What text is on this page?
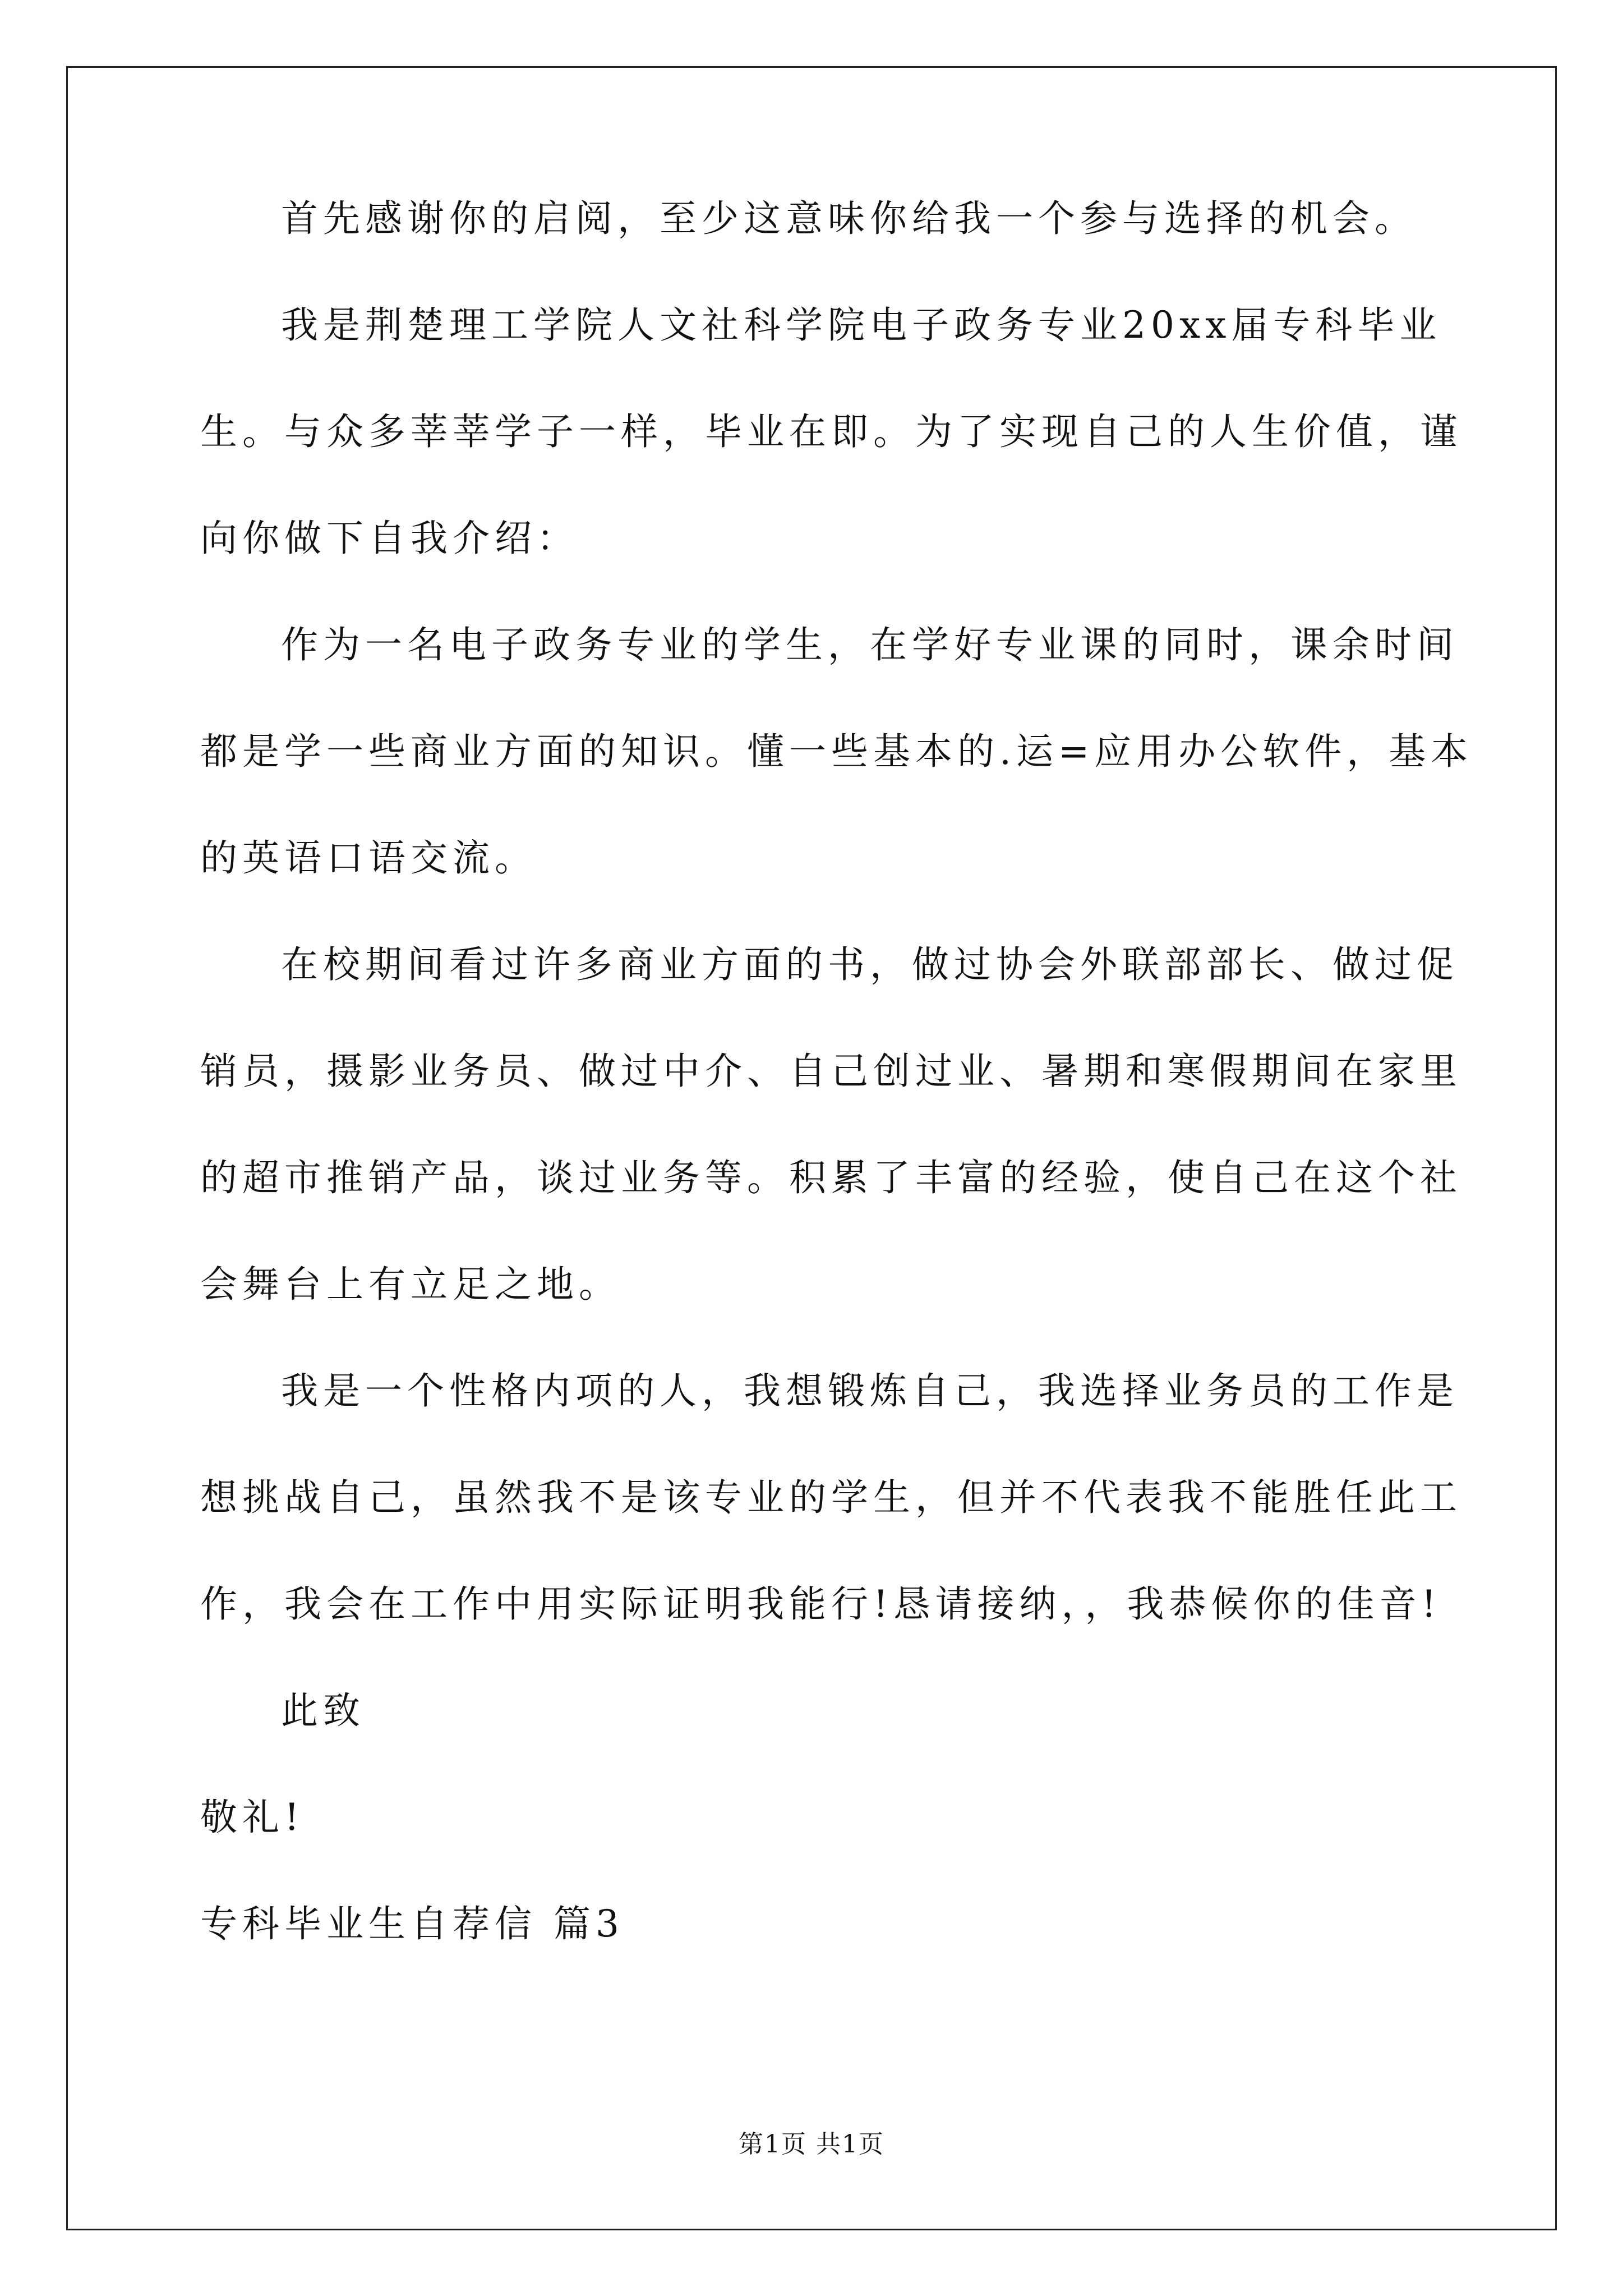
首先感谢你的启阅，至少这意味你给我一个参与选择的机会。
我是荆楚理工学院人文社科学院电子政务专业20xx届专科毕业
生。与众多莘莘学子一样，毕业在即。为了实现自己的人生价值，谨
向你做下自我介绍：
作为一名电子政务专业的学生，在学好专业课的同时，课余时间
都是学一些商业方面的知识。懂一些基本的.运=应用办公软件，基本
的英语口语交流。
在校期间看过许多商业方面的书，做过协会外联部部长、做过促
销员，摄影业务员、做过中介、自己创过业、暑期和寒假期间在家里
的超市推销产品，谈过业务等。积累了丰富的经验，使自己在这个社
会舞台上有立足之地。
我是一个性格内项的人，我想锻炼自己，我选择业务员的工作是
想挑战自己，虽然我不是该专业的学生，但并不代表我不能胜任此工
作，我会在工作中用实际证明我能行!恳请接纳，，我恭候你的佳音!
此致
敬礼!
专科毕业生自荐信 篇3
第1页 共1页
